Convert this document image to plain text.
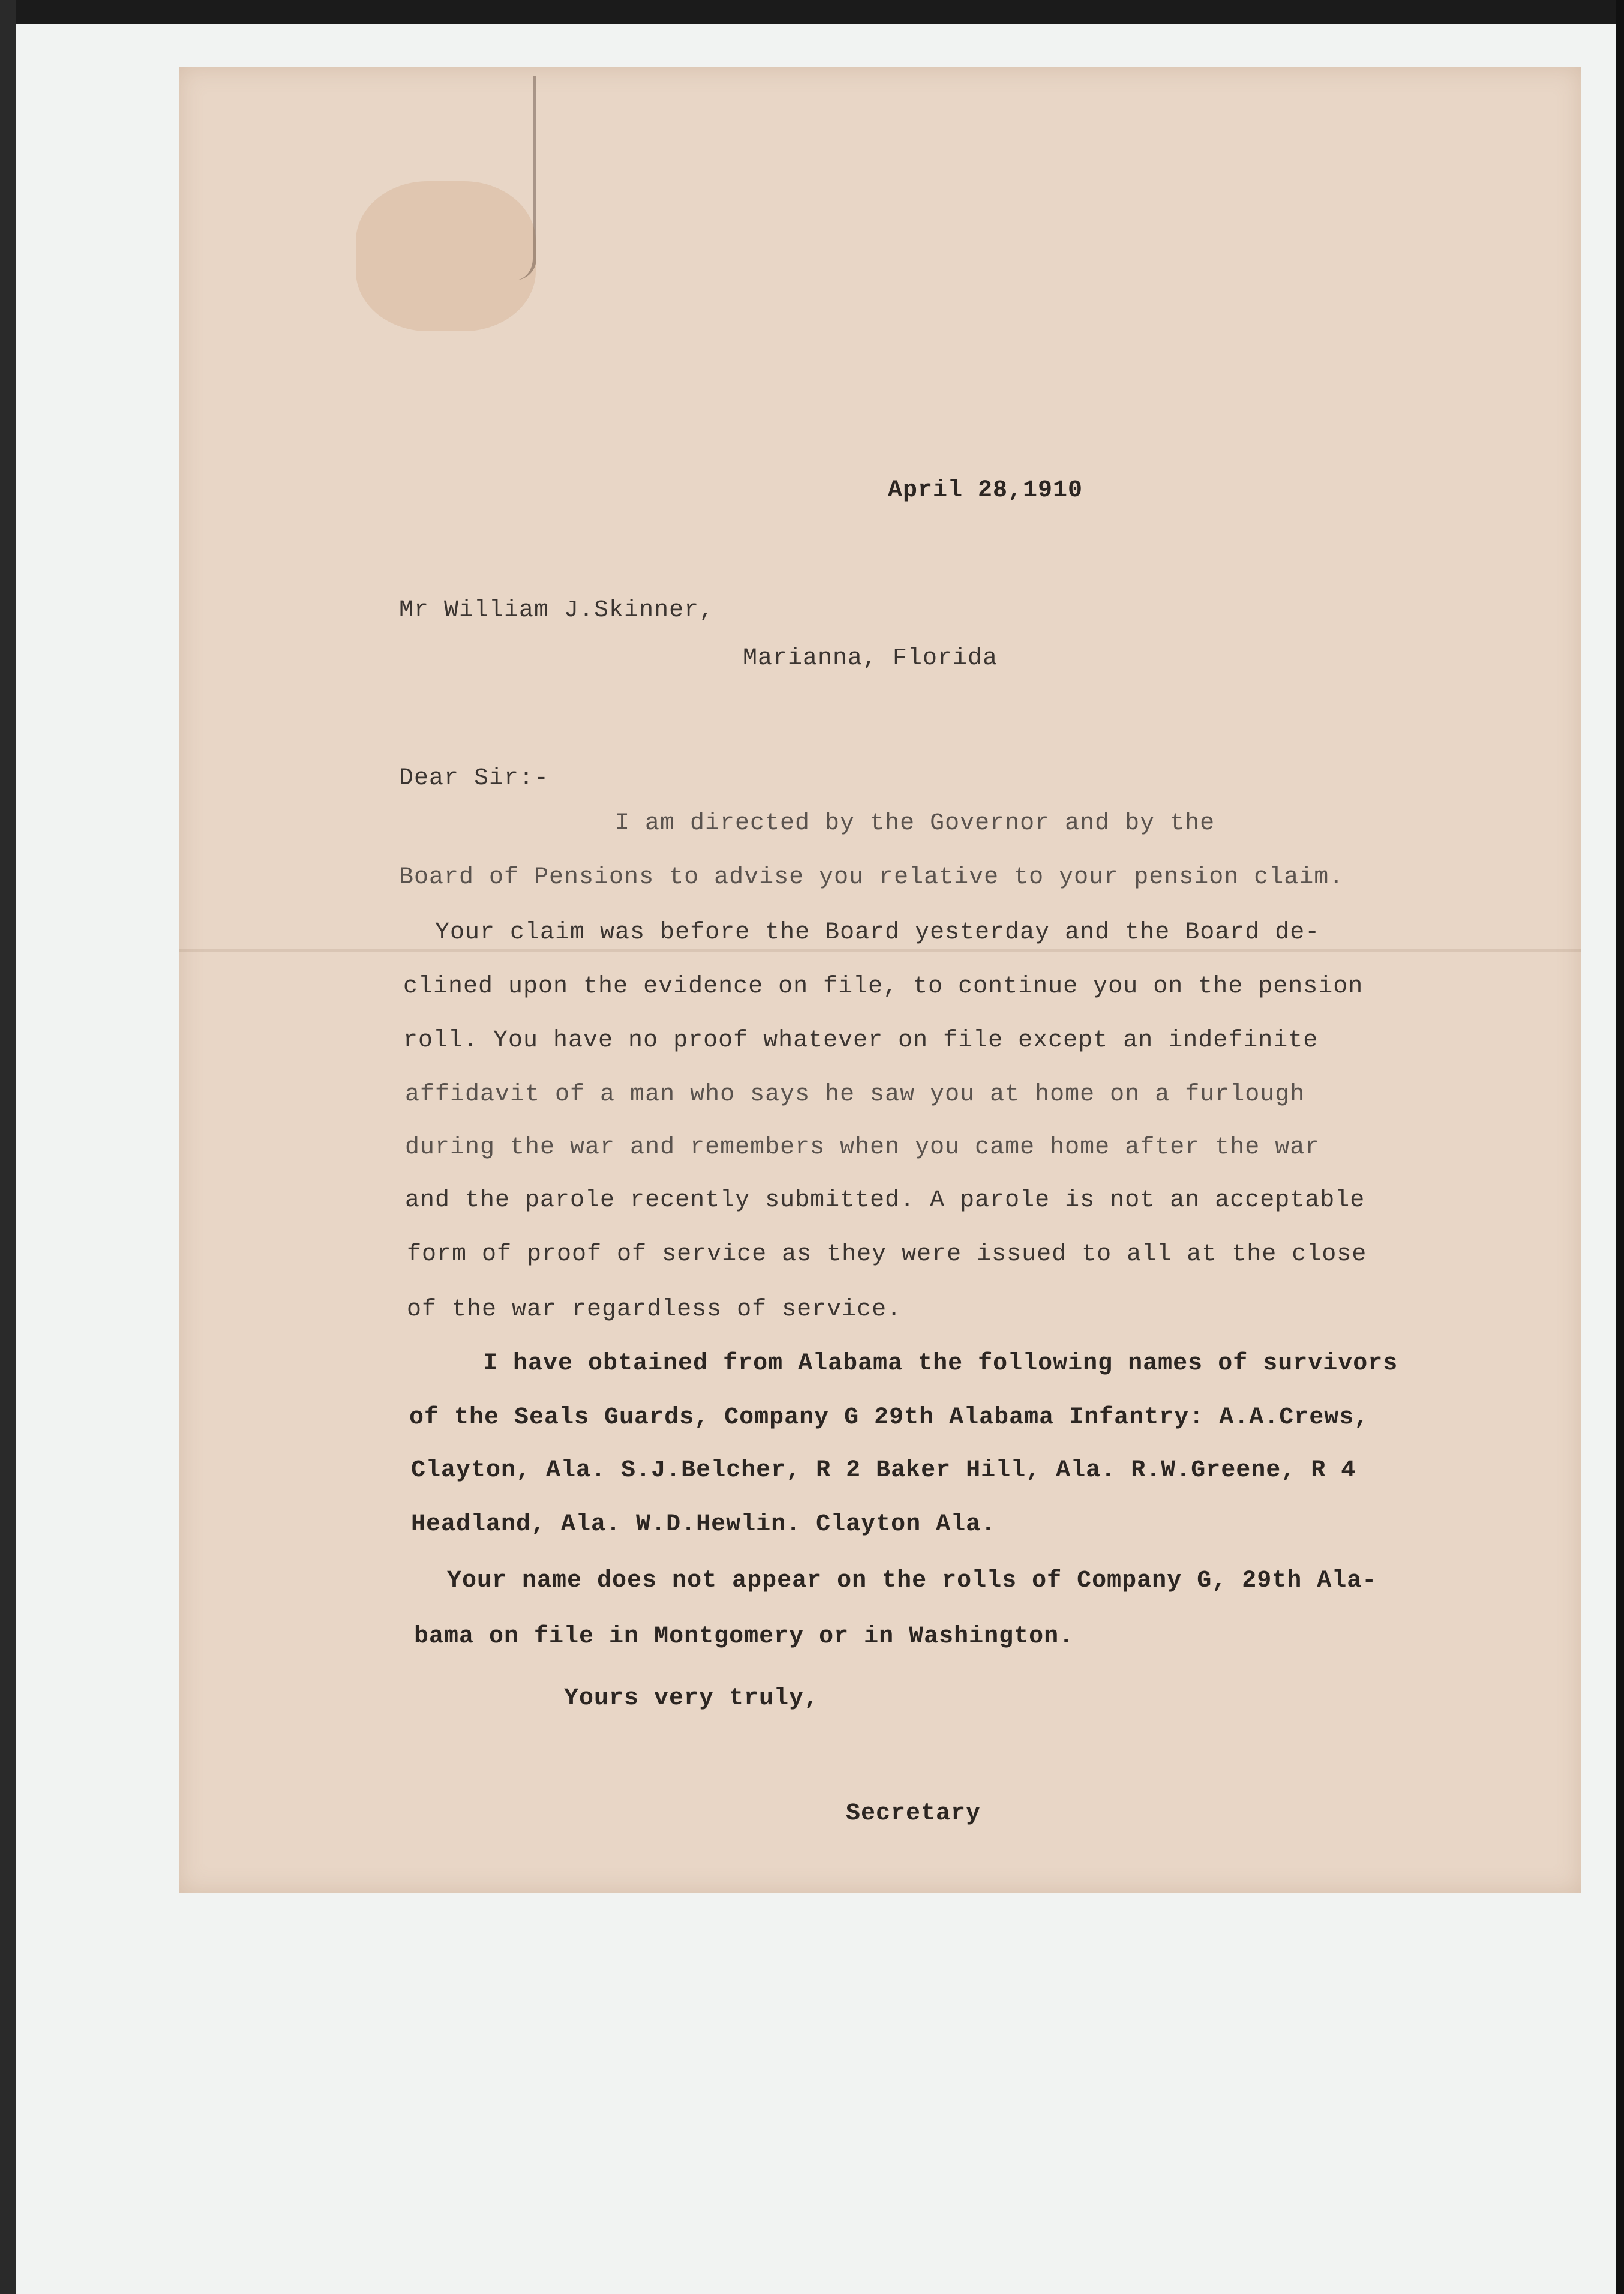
April 28,1910

Mr William J.Skinner,

Marianna, Florida

Dear Sir:-

I am directed by the Governor and by the

Board of Pensions to advise you relative to your pension claim.

Your claim was before the Board yesterday and the Board de-

clined upon the evidence on file, to continue you on the pension

roll. You have no proof whatever on file except an indefinite

affidavit of a man who says he saw you at home on a furlough

during the war and remembers when you came home after the war

and the parole recently submitted. A parole is not an acceptable

form of proof of service as they were issued to all at the close

of the war regardless of service.

I have obtained from Alabama the following names of survivors

of the Seals Guards, Company G 29th Alabama Infantry: A.A.Crews,

Clayton, Ala. S.J.Belcher, R 2 Baker Hill, Ala. R.W.Greene, R 4

Headland, Ala. W.D.Hewlin. Clayton Ala.

Your name does not appear on the rolls of Company G, 29th Ala-

bama on file in Montgomery or in Washington.

Yours very truly,

Secretary
